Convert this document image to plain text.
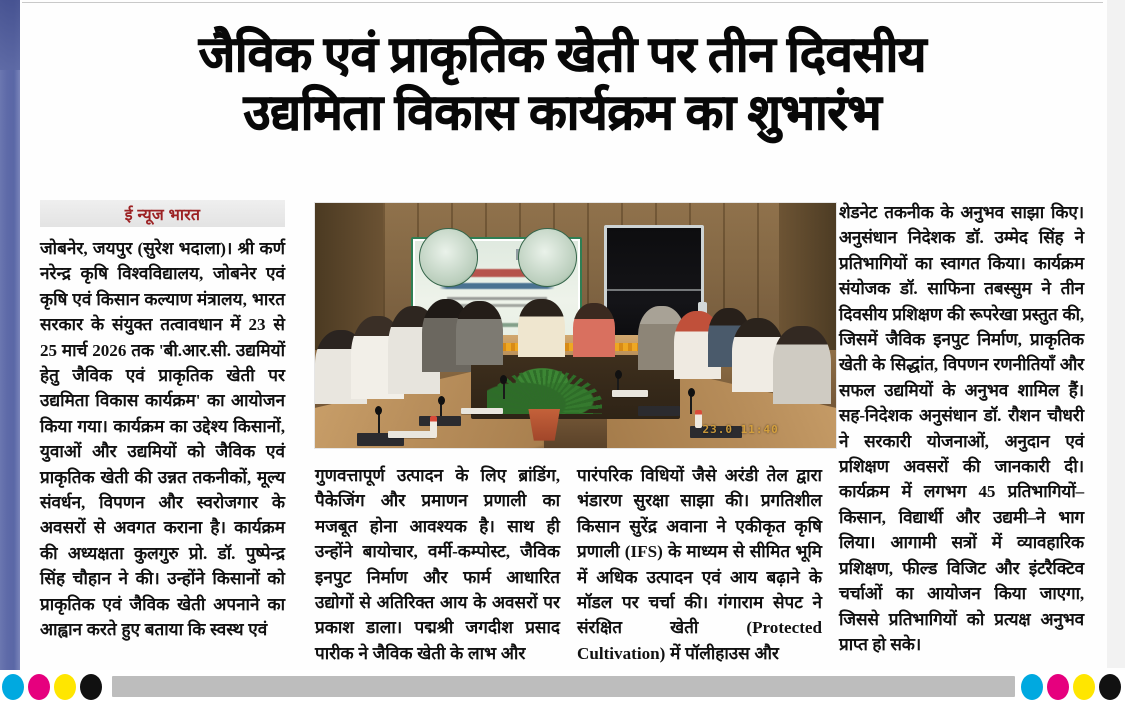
जैविक एवं प्राकृतिक खेती पर तीन दिवसीय
उद्यमिता विकास कार्यक्रम का शुभारंभ
23.0 11:40
ई न्यूज भारत
जोबनेर, जयपुर (सुरेश भदाला)। श्री कर्ण नरेन्द्र कृषि विश्वविद्यालय, जोबनेर एवं कृषि एवं किसान कल्याण मंत्रालय, भारत सरकार के संयुक्त तत्वावधान में 23 से 25 मार्च 2026 तक 'बी.आर.सी. उद्यमियों हेतु जैविक एवं प्राकृतिक खेती पर उद्यमिता विकास कार्यक्रम' का आयोजन किया गया। कार्यक्रम का उद्देश्य किसानों, युवाओं और उद्यमियों को जैविक एवं प्राकृतिक खेती की उन्नत तकनीकों, मूल्य संवर्धन, विपणन और स्वरोजगार के अवसरों से अवगत कराना है। कार्यक्रम की अध्यक्षता कुलगुरु प्रो. डॉ. पुष्पेन्द्र सिंह चौहान ने की। उन्होंने किसानों को प्राकृतिक एवं जैविक खेती अपनाने का आह्वान करते हुए बताया कि स्वस्थ एवं
गुणवत्तापूर्ण उत्पादन के लिए ब्रांडिंग, पैकेजिंग और प्रमाणन प्रणाली का मजबूत होना आवश्यक है। साथ ही उन्होंने बायोचार, वर्मी-कम्पोस्ट, जैविक इनपुट निर्माण और फार्म आधारित उद्योगों से अतिरिक्त आय के अवसरों पर प्रकाश डाला। पद्मश्री जगदीश प्रसाद पारीक ने जैविक खेती के लाभ और
पारंपरिक विधियों जैसे अरंडी तेल द्वारा भंडारण सुरक्षा साझा की। प्रगतिशील किसान सुरेंद्र अवाना ने एकीकृत कृषि प्रणाली (IFS) के माध्यम से सीमित भूमि में अधिक उत्पादन एवं आय बढ़ाने के मॉडल पर चर्चा की। गंगाराम सेपट ने संरक्षित खेती (Protected Cultivation) में पॉलीहाउस और
शेडनेट तकनीक के अनुभव साझा किए। अनुसंधान निदेशक डॉ. उम्मेद सिंह ने प्रतिभागियों का स्वागत किया। कार्यक्रम संयोजक डॉ. साफिना तबस्सुम ने तीन दिवसीय प्रशिक्षण की रूपरेखा प्रस्तुत की, जिसमें जैविक इनपुट निर्माण, प्राकृतिक खेती के सिद्धांत, विपणन रणनीतियाँ और सफल उद्यमियों के अनुभव शामिल हैं। सह-निदेशक अनुसंधान डॉ. रौशन चौधरी ने सरकारी योजनाओं, अनुदान एवं प्रशिक्षण अवसरों की जानकारी दी। कार्यक्रम में लगभग 45 प्रतिभागियों–किसान, विद्यार्थी और उद्यमी–ने भाग लिया। आगामी सत्रों में व्यावहारिक प्रशिक्षण, फील्ड विजिट और इंटरैक्टिव चर्चाओं का आयोजन किया जाएगा, जिससे प्रतिभागियों को प्रत्यक्ष अनुभव प्राप्त हो सके।
